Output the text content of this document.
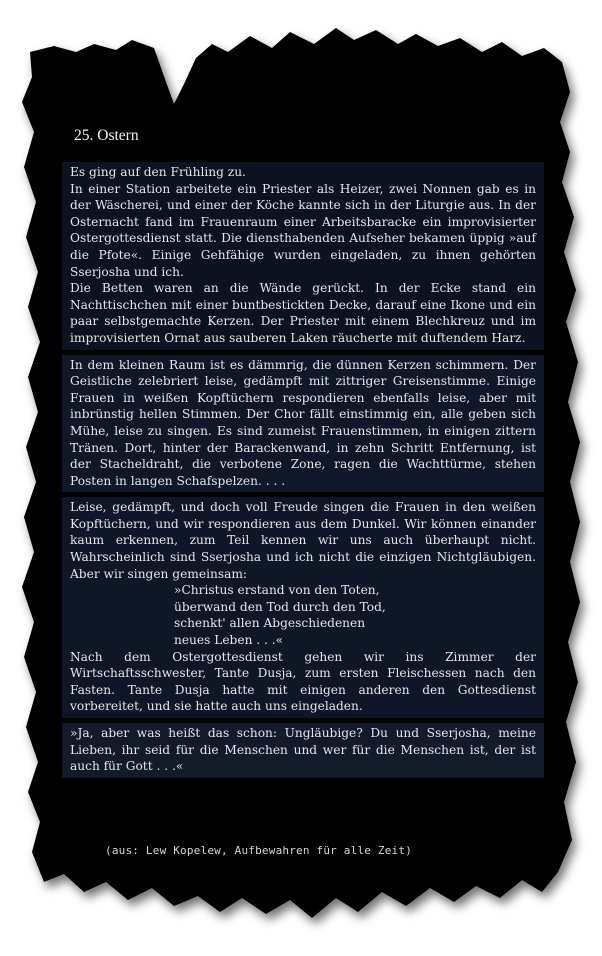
25. Ostern

Es ging auf den Frühling zu.

In einer Station arbeitete ein Priester als Heizer, zwei Nonnen gab es in der Wäscherei, und einer der Köche kannte sich in der Liturgie aus. In der Osternacht fand im Frauenraum einer Arbeitsbaracke ein improvisierter Ostergottesdienst statt. Die diensthabenden Aufseher bekamen üppig »auf die Pfote«. Einige Gehfähige wurden eingeladen, zu ihnen gehörten Sserjosha und ich.

Die Betten waren an die Wände gerückt. In der Ecke stand ein Nachttischchen mit einer buntbestickten Decke, darauf eine Ikone und ein paar selbstgemachte Kerzen. Der Priester mit einem Blechkreuz und im improvisierten Ornat aus sauberen Laken räucherte mit duftendem Harz.

In dem kleinen Raum ist es dämmrig, die dünnen Kerzen schimmern. Der Geistliche zelebriert leise, gedämpft mit zittriger Greisenstimme. Einige Frauen in weißen Kopftüchern respondieren ebenfalls leise, aber mit inbrünstig hellen Stimmen. Der Chor fällt einstimmig ein, alle geben sich Mühe, leise zu singen. Es sind zumeist Frauenstimmen, in einigen zittern Tränen. Dort, hinter der Barackenwand, in zehn Schritt Entfernung, ist der Stacheldraht, die verbotene Zone, ragen die Wachttürme, stehen Posten in langen Schafspelzen. . . .

Leise, gedämpft, und doch voll Freude singen die Frauen in den weißen Kopftüchern, und wir respondieren aus dem Dunkel. Wir können einander kaum erkennen, zum Teil kennen wir uns auch überhaupt nicht. Wahrscheinlich sind Sserjosha und ich nicht die einzigen Nichtgläubigen. Aber wir singen gemeinsam:

»Christus erstand von den Toten,
überwand den Tod durch den Tod,
schenkt' allen Abgeschiedenen
neues Leben . . .«

Nach dem Ostergottesdienst gehen wir ins Zimmer der Wirtschaftsschwester, Tante Dusja, zum ersten Fleischessen nach den Fasten. Tante Dusja hatte mit einigen anderen den Gottesdienst vorbereitet, und sie hatte auch uns eingeladen.

»Ja, aber was heißt das schon: Ungläubige? Du und Sserjosha, meine Lieben, ihr seid für die Menschen und wer für die Menschen ist, der ist auch für Gott . . .«

(aus: Lew Kopelew, Aufbewahren für alle Zeit)
